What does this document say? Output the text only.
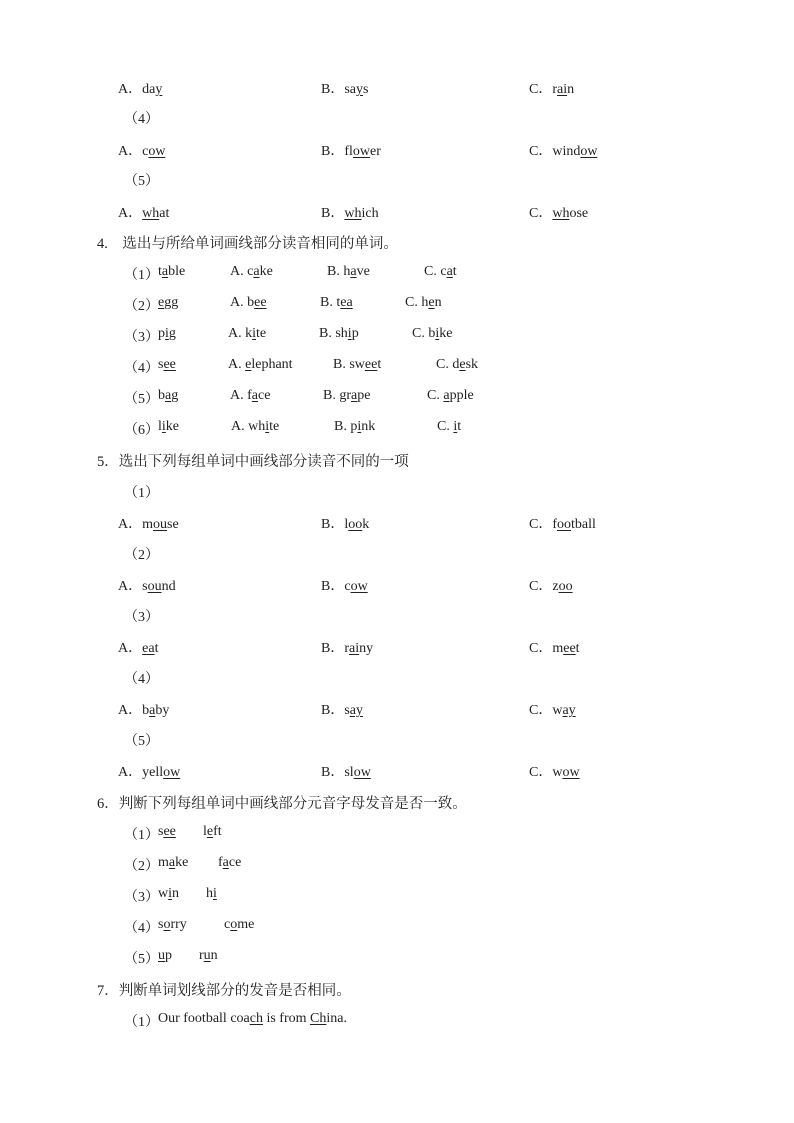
A．day	B．says	C．rain
（4）
A．cow	B．flower	C．window
（5）
A．what	B．which	C．whose
4.　选出与所给单词画线部分读音相同的单词。
（1） table	A. cake	B. have	C. cat
（2） egg	A. bee	B. tea	C. hen
（3） pig	A. kite	B. ship	C. bike
（4） see	A. elephant	B. sweet	C. desk
（5） bag	A. face	B. grape	C. apple
（6） like	A. white	B. pink	C. it
5．选出下列每组单词中画线部分读音不同的一项
（1）
A．mouse	B．look	C．football
（2）
A．sound	B．cow	C．zoo
（3）
A．eat	B．rainy	C．meet
（4）
A．baby	B．say	C．way
（5）
A．yellow	B．slow	C．wow
6．判断下列每组单词中画线部分元音字母发音是否一致。
（1） see left
（2） make face
（3） win hi
（4） sorry	come
（5） up run
7．判断单词划线部分的发音是否相同。
（1） Our football coach is from China.
